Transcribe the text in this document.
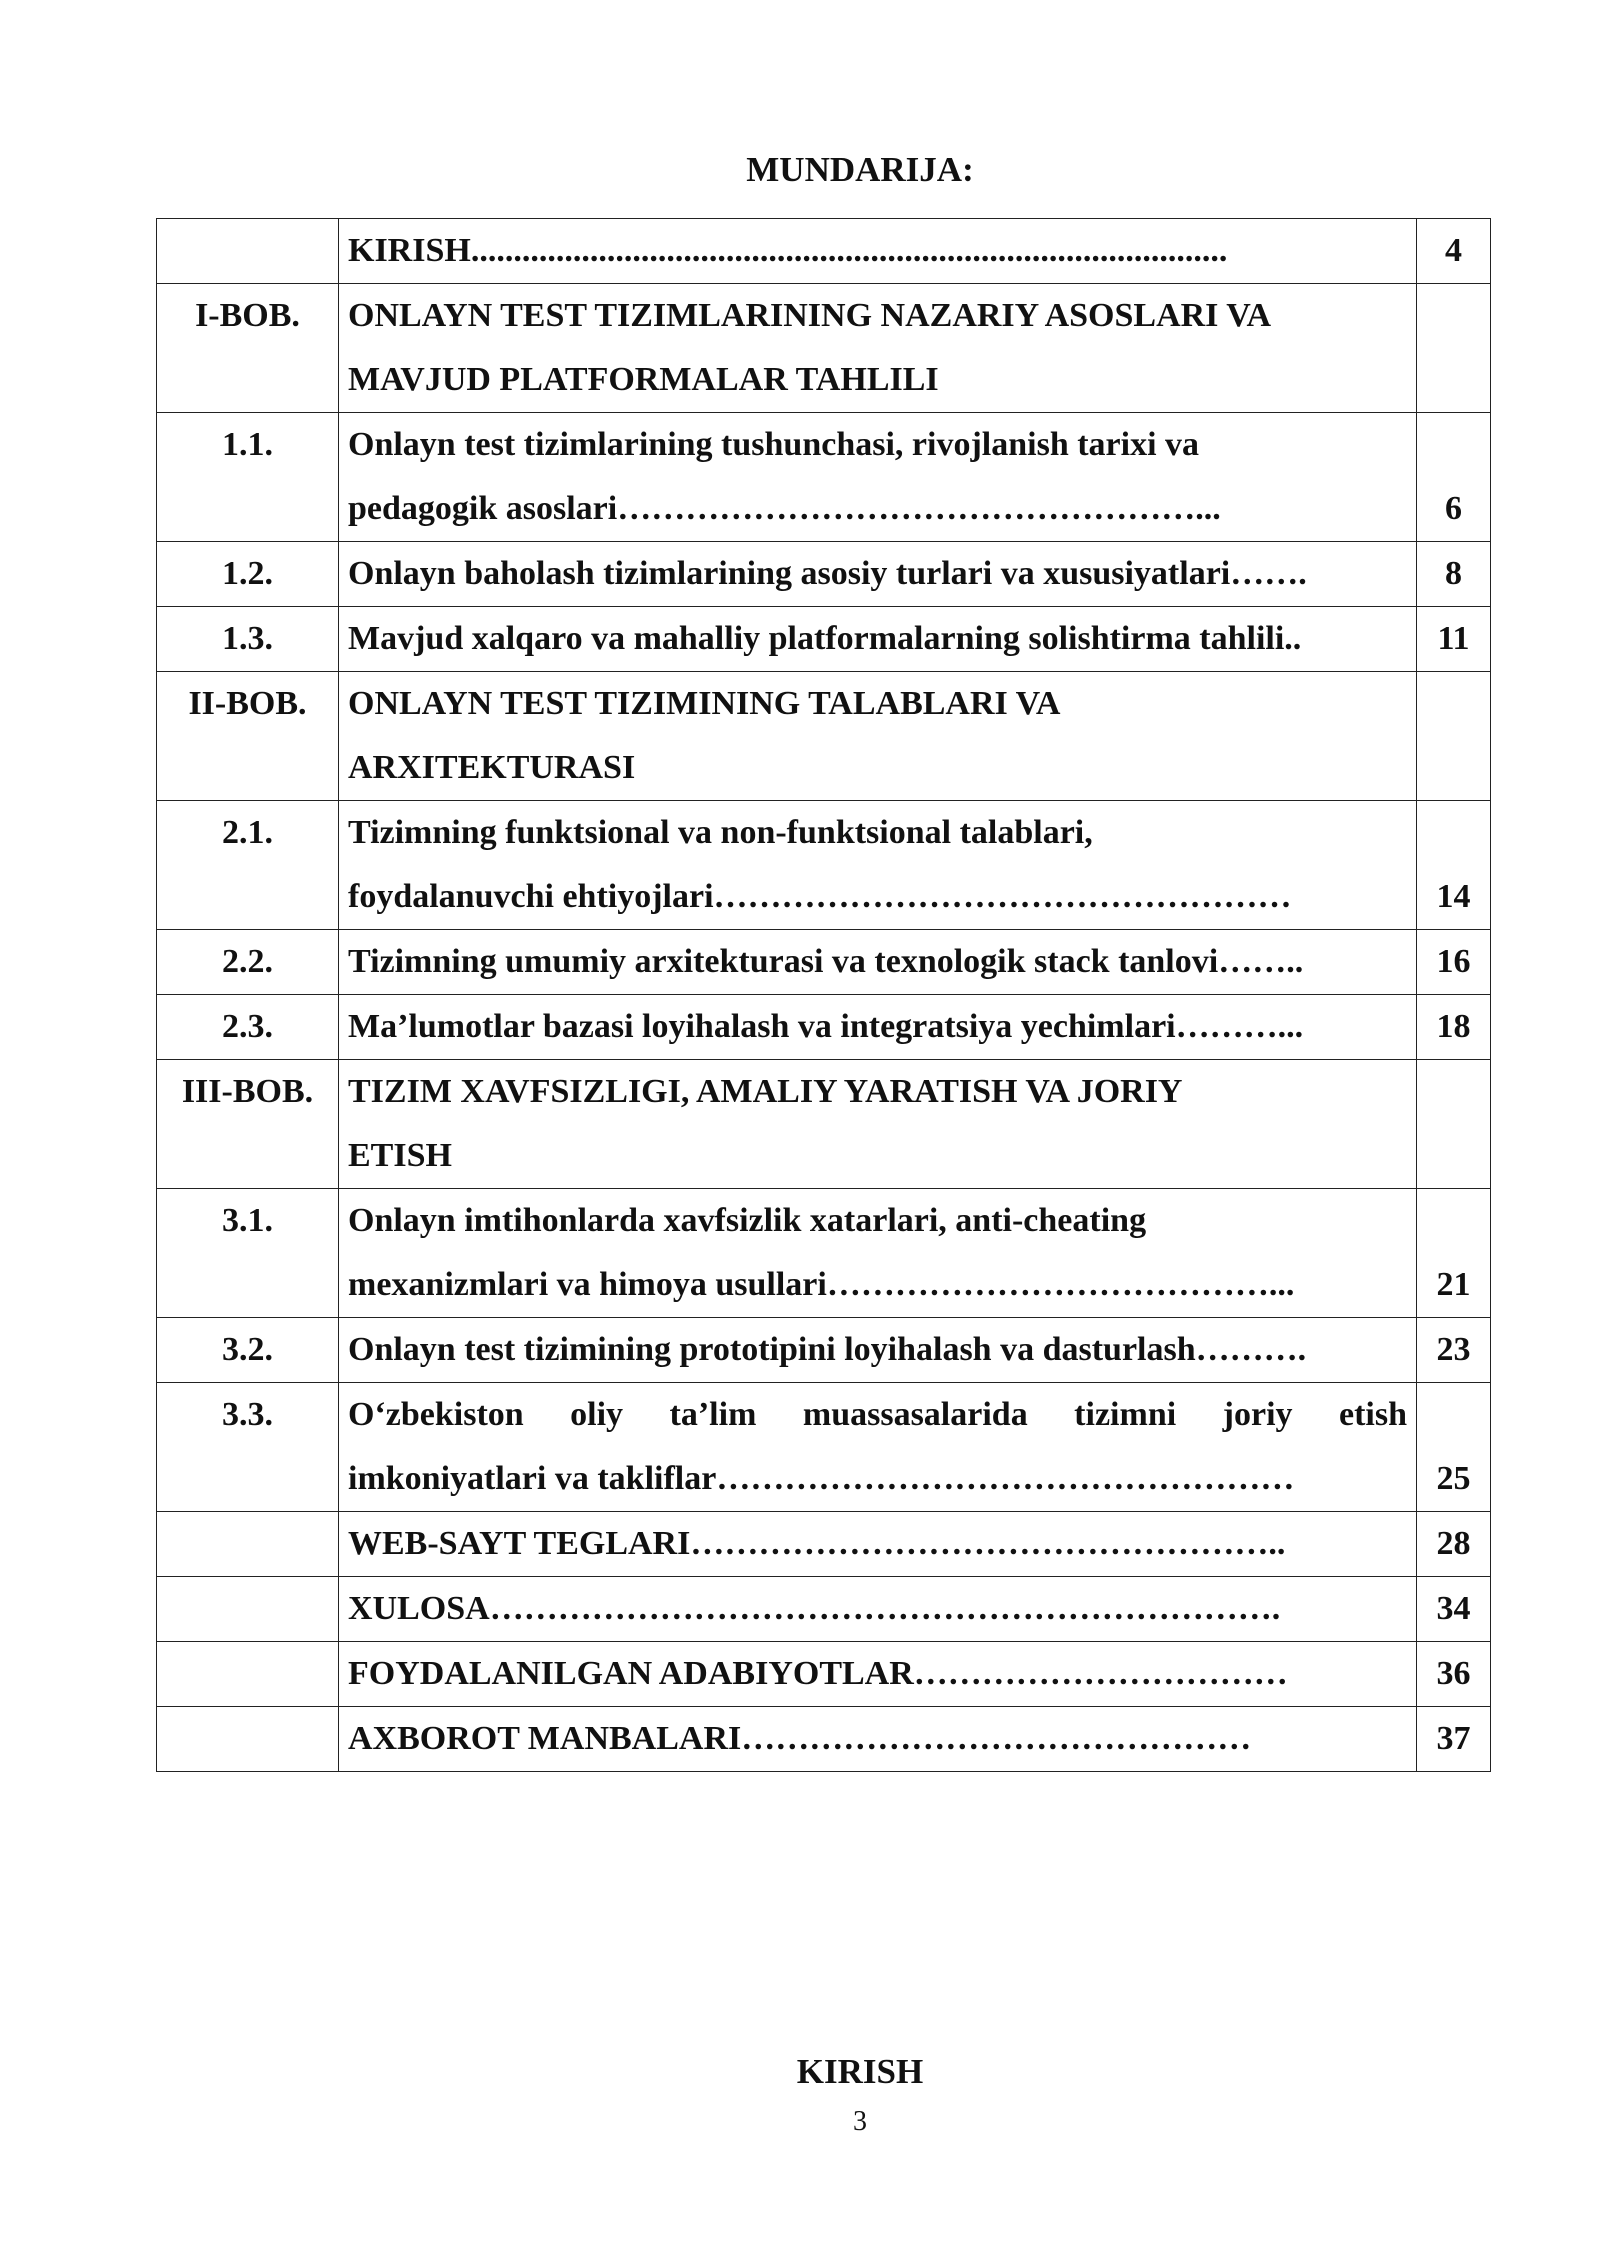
MUNDARIJA:
	KIRISH.........................................................................................	4
I-BOB.	ONLAYN TEST TIZIMLARINING NAZARIY ASOSLARI VA
MAVJUD PLATFORMALAR TAHLILI	
1.1.	Onlayn test tizimlarining tushunchasi, rivojlanish tarixi va
pedagogik asoslari……………………………………………...	6
1.2.	Onlayn baholash tizimlarining asosiy turlari va xususiyatlari…….	8
1.3.	Mavjud xalqaro va mahalliy platformalarning solishtirma tahlili..	11
II-BOB.	ONLAYN TEST TIZIMINING TALABLARI VA
ARXITEKTURASI	
2.1.	Tizimning funktsional va non-funktsional talablari,
foydalanuvchi ehtiyojlari……………………………………………	14
2.2.	Tizimning umumiy arxitekturasi va texnologik stack tanlovi……..	16
2.3.	Ma’lumotlar bazasi loyihalash va integratsiya yechimlari………...	18
III-BOB.	TIZIM XAVFSIZLIGI, AMALIY YARATISH VA JORIY
ETISH	
3.1.	Onlayn imtihonlarda xavfsizlik xatarlari, anti-cheating
mexanizmlari va himoya usullari…………………………………...	21
3.2.	Onlayn test tizimining prototipini loyihalash va dasturlash……….	23
3.3.	O‘zbekiston oliy ta’lim muassasalarida tizimni joriy etish
imkoniyatlari va takliflar……………………………………………	25
	WEB-SAYT TEGLARI……………………………………………..	28
	XULOSA…………………………………………………………….	34
	FOYDALANILGAN ADABIYOTLAR……………………………	36
	AXBOROT MANBALARI………………………………………	37
KIRISH
3
